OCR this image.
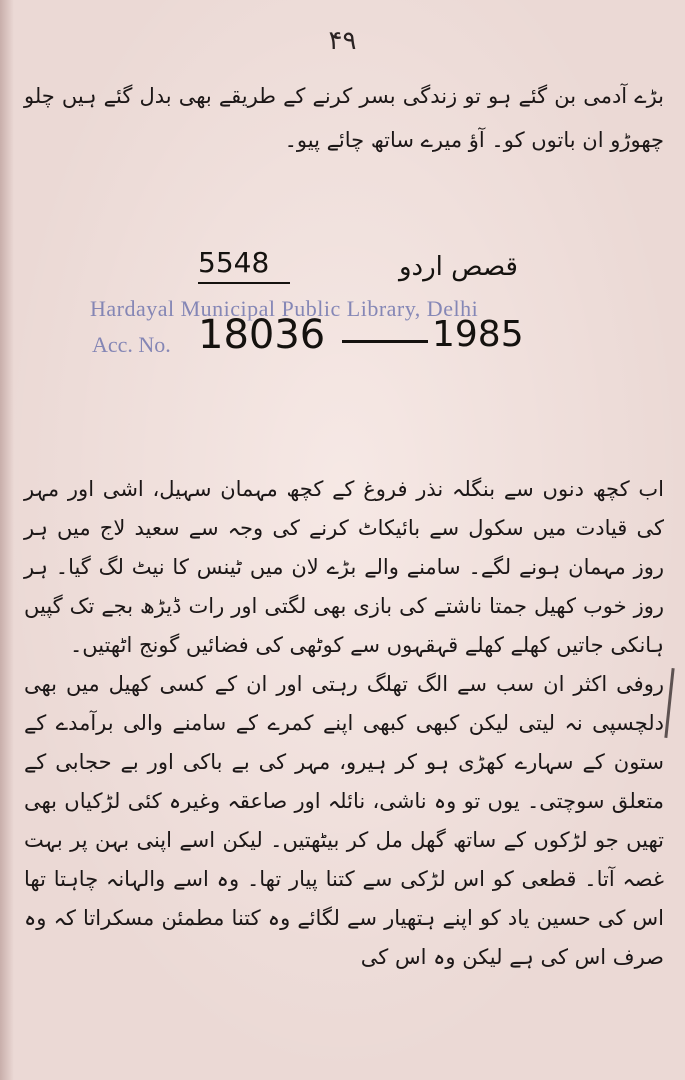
۴۹
بڑے آدمی بن گئے ہو تو زندگی بسر کرنے کے طریقے بھی بدل گئے ہیں چلو چھوڑو ان باتوں کو۔ آؤ میرے ساتھ چائے پیو۔
Hardayal Municipal Public Library, Delhi
Acc. No.
5548	قصص اردو
18036	1985
اب کچھ دنوں سے بنگلہ نذر فروغ کے کچھ مہمان سہیل، اشی اور مہر کی قیادت میں سکول سے بائیکاٹ کرنے کی وجہ سے سعید لاج میں ہر روز مہمان ہونے لگے۔ سامنے والے بڑے لان میں ٹینس کا نیٹ لگ گیا۔ ہر روز خوب کھیل جمتا ناشتے کی بازی بھی لگتی اور رات ڈیڑھ بجے تک گپیں ہانکی جاتیں کھلے کھلے قہقہوں سے کوٹھی کی فضائیں گونج اٹھتیں۔
روفی اکثر ان سب سے الگ تھلگ رہتی اور ان کے کسی کھیل میں بھی دلچسپی نہ لیتی لیکن کبھی کبھی اپنے کمرے کے سامنے والی برآمدے کے ستون کے سہارے کھڑی ہو کر ہیرو، مہر کی بے باکی اور بے حجابی کے متعلق سوچتی۔ یوں تو وہ ناشی، نائلہ اور صاعقہ وغیرہ کئی لڑکیاں بھی تھیں جو لڑکوں کے ساتھ گھل مل کر بیٹھتیں۔ لیکن اسے اپنی بہن پر بہت غصہ آتا۔ قطعی کو اس لڑکی سے کتنا پیار تھا۔ وہ اسے والہانہ چاہتا تھا اس کی حسین یاد کو اپنے ہتھیار سے لگائے وہ کتنا مطمئن مسکراتا کہ وہ صرف اس کی ہے لیکن وہ اس کی
